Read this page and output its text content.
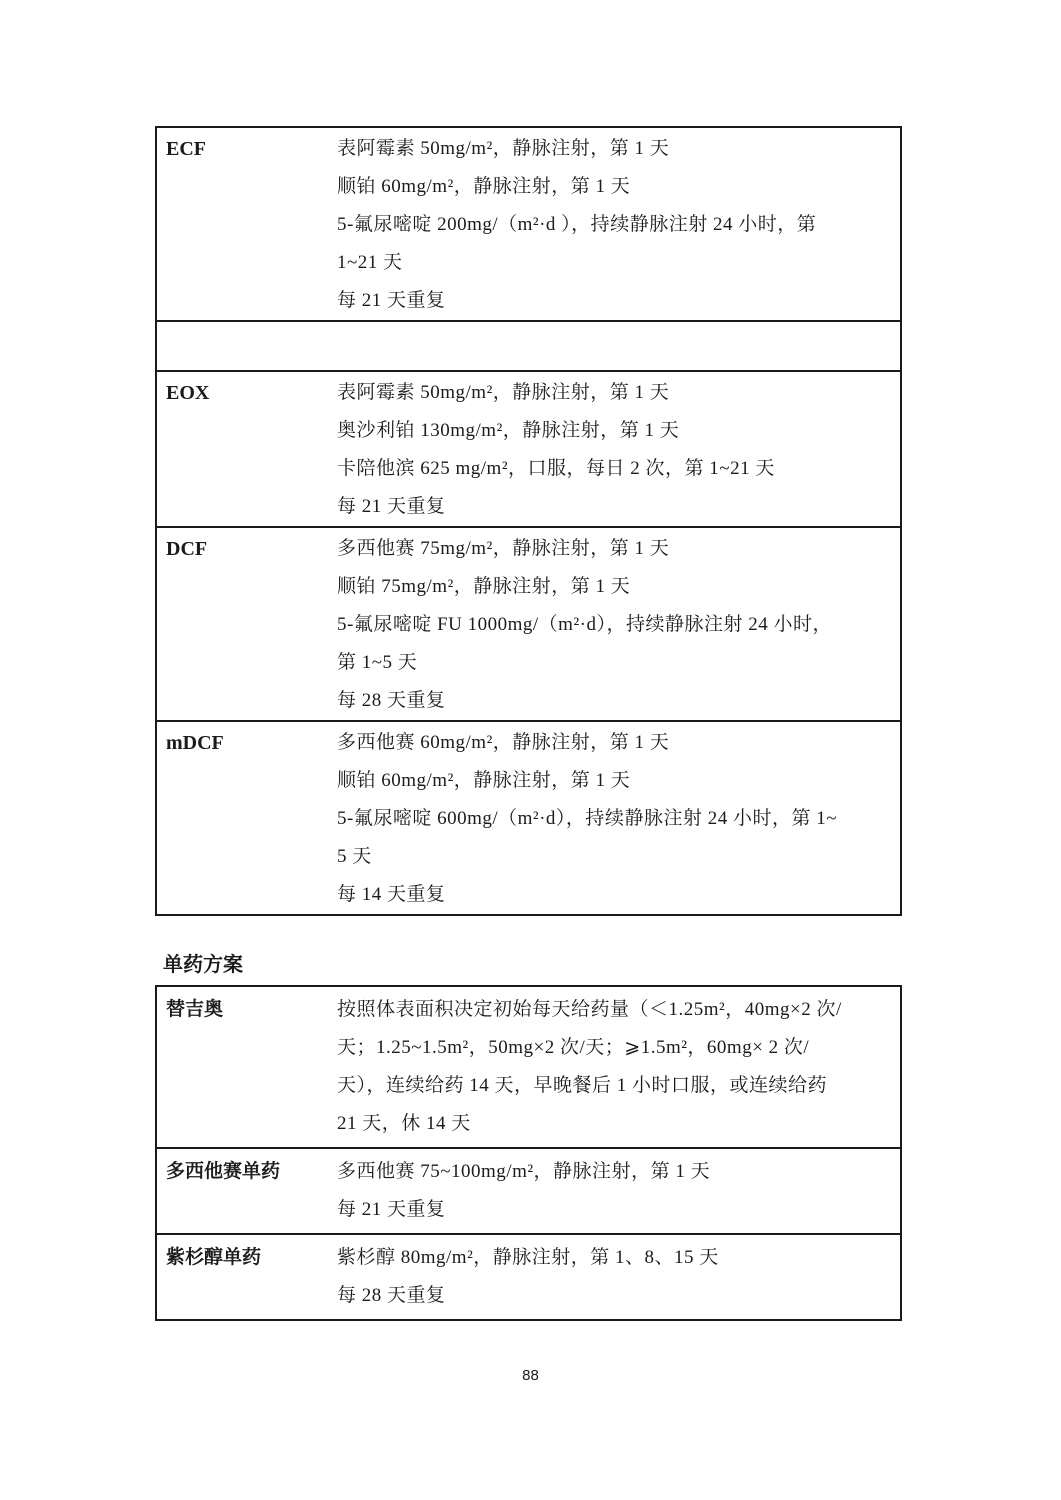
ECF	表阿霉素 50mg/m²，静脉注射，第 1 天
顺铂 60mg/m²，静脉注射，第 1 天
5-氟尿嘧啶 200mg/（m²·d ），持续静脉注射 24 小时，第
1~21 天
每 21 天重复
EOX	表阿霉素 50mg/m²，静脉注射，第 1 天
奥沙利铂 130mg/m²，静脉注射，第 1 天
卡陪他滨 625 mg/m²，口服，每日 2 次，第 1~21 天
每 21 天重复
DCF	多西他赛 75mg/m²，静脉注射，第 1 天
顺铂 75mg/m²，静脉注射，第 1 天
5-氟尿嘧啶 FU 1000mg/（m²·d），持续静脉注射 24 小时，
第 1~5 天
每 28 天重复
mDCF	多西他赛 60mg/m²，静脉注射，第 1 天
顺铂 60mg/m²，静脉注射，第 1 天
5-氟尿嘧啶 600mg/（m²·d），持续静脉注射 24 小时，第 1~
5 天
每 14 天重复
单药方案
替吉奥	按照体表面积决定初始每天给药量（＜1.25m²，40mg×2 次/
天；1.25~1.5m²，50mg×2 次/天；⩾1.5m²，60mg× 2 次/
天），连续给药 14 天，早晚餐后 1 小时口服，或连续给药
21 天，休 14 天
多西他赛单药	多西他赛 75~100mg/m²，静脉注射，第 1 天
每 21 天重复
紫杉醇单药	紫杉醇 80mg/m²，静脉注射，第 1、8、15 天
每 28 天重复
88
